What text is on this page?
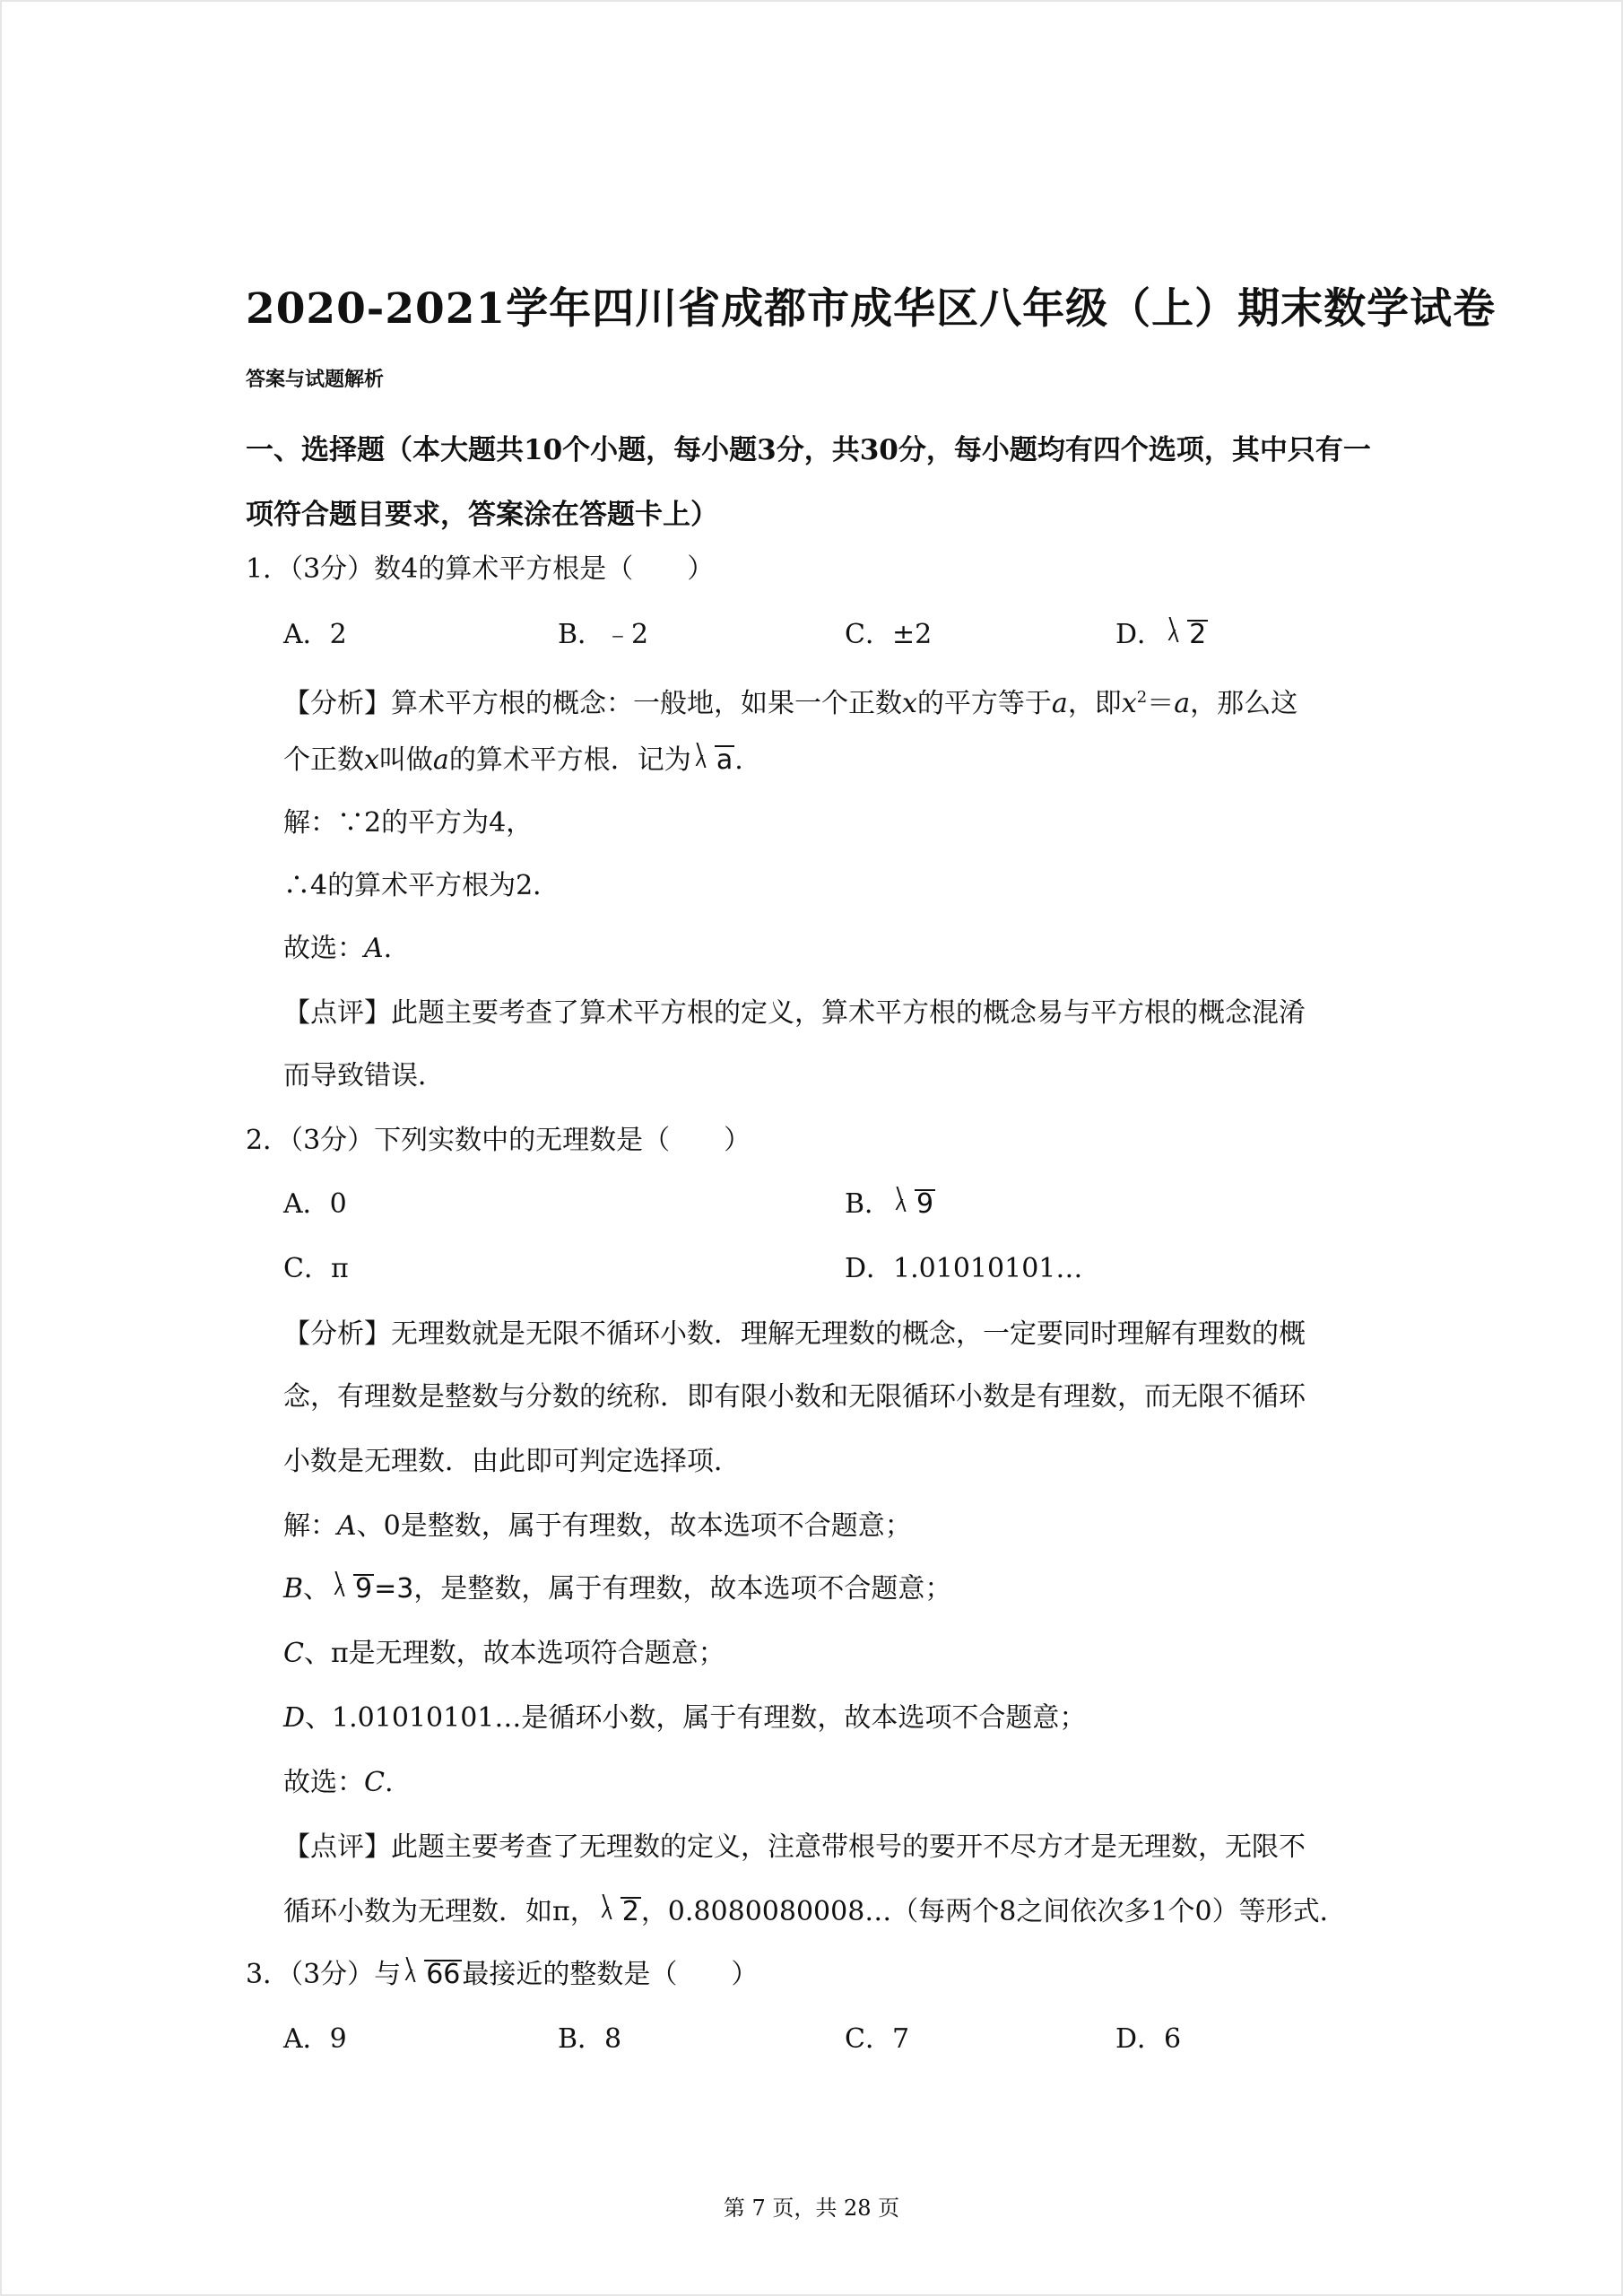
2020-2021学年四川省成都市成华区八年级（上）期末数学试卷
答案与试题解析
一、选择题（本大题共10个小题，每小题3分，共30分，每小题均有四个选项，其中只有一项符合题目要求，答案涂在答题卡上）
1．（3分）数4的算术平方根是（　　）
A．2	B．﹣2	C．±2	D． 2
【分析】算术平方根的概念：一般地，如果一个正数x的平方等于a，即$x^2=a$，那么这
个正数x叫做a的算术平方根．记为 a.
解：∵2的平方为4，
∴4的算术平方根为2．
故选：A.
【点评】此题主要考查了算术平方根的定义，算术平方根的概念易与平方根的概念混淆
而导致错误．
2．（3分）下列实数中的无理数是（　　）
A．0	B． 9
C．π	D．1.01010101…
【分析】无理数就是无限不循环小数．理解无理数的概念，一定要同时理解有理数的概
念，有理数是整数与分数的统称．即有限小数和无限循环小数是有理数，而无限不循环
小数是无理数．由此即可判定选择项．
解：A、0是整数，属于有理数，故本选项不合题意；
B、 9=3，是整数，属于有理数，故本选项不合题意；
C、π是无理数，故本选项符合题意；
D、1.01010101…是循环小数，属于有理数，故本选项不合题意；
故选：C.
【点评】此题主要考查了无理数的定义，注意带根号的要开不尽方才是无理数，无限不
循环小数为无理数．如π， 2，0.8080080008…（每两个8之间依次多1个0）等形式．
3．（3分）与 66最接近的整数是（　　）
A．9	B．8	C．7	D．6
第 7 页，共 28 页
